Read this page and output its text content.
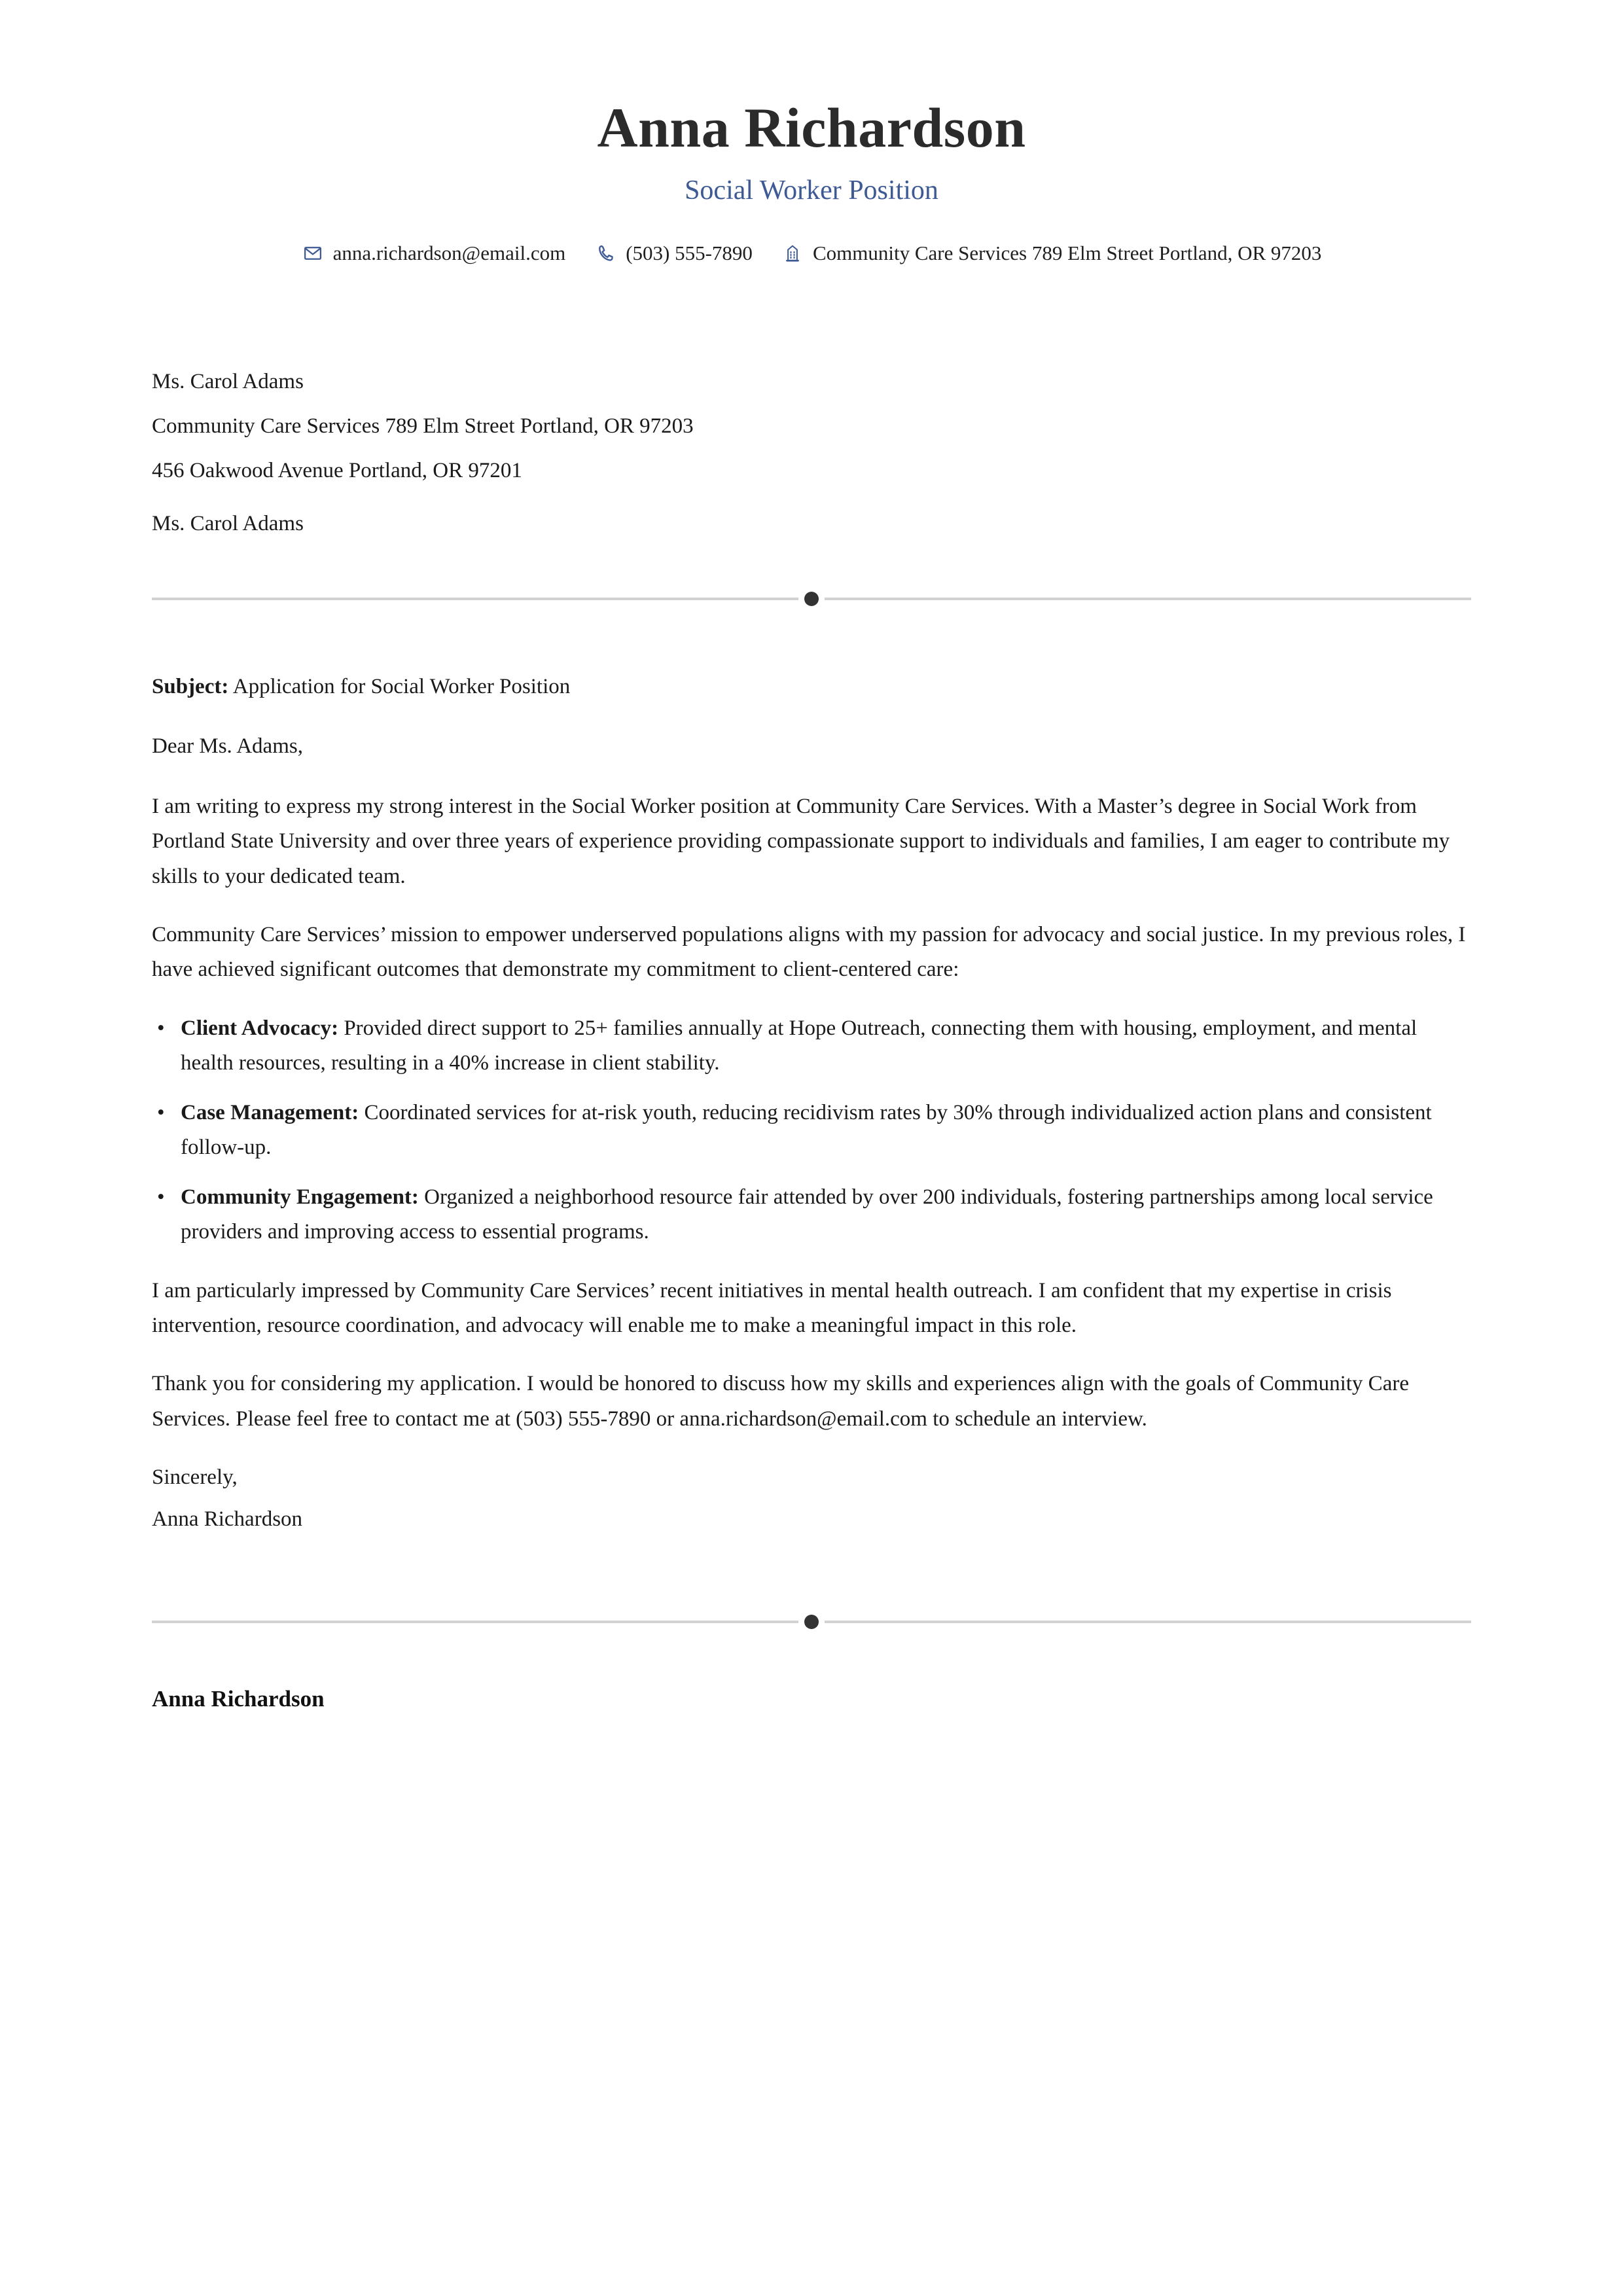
Anna Richardson
Social Worker Position
anna.richardson@email.com	(503) 555-7890	Community Care Services 789 Elm Street Portland, OR 97203
Ms. Carol Adams
Community Care Services 789 Elm Street Portland, OR 97203
456 Oakwood Avenue Portland, OR 97201
Ms. Carol Adams
Subject: Application for Social Worker Position
Dear Ms. Adams,

I am writing to express my strong interest in the Social Worker position at Community Care Services. With a Master’s degree in Social Work from Portland State University and over three years of experience providing compassionate support to individuals and families, I am eager to contribute my skills to your dedicated team.

Community Care Services’ mission to empower underserved populations aligns with my passion for advocacy and social justice. In my previous roles, I have achieved significant outcomes that demonstrate my commitment to client-centered care:

• Client Advocacy: Provided direct support to 25+ families annually at Hope Outreach, connecting them with housing, employment, and mental health resources, resulting in a 40% increase in client stability.
• Case Management: Coordinated services for at-risk youth, reducing recidivism rates by 30% through individualized action plans and consistent follow-up.
• Community Engagement: Organized a neighborhood resource fair attended by over 200 individuals, fostering partnerships among local service providers and improving access to essential programs.

I am particularly impressed by Community Care Services’ recent initiatives in mental health outreach. I am confident that my expertise in crisis intervention, resource coordination, and advocacy will enable me to make a meaningful impact in this role.

Thank you for considering my application. I would be honored to discuss how my skills and experiences align with the goals of Community Care Services. Please feel free to contact me at (503) 555-7890 or anna.richardson@email.com to schedule an interview.

Sincerely,
Anna Richardson
Anna Richardson
